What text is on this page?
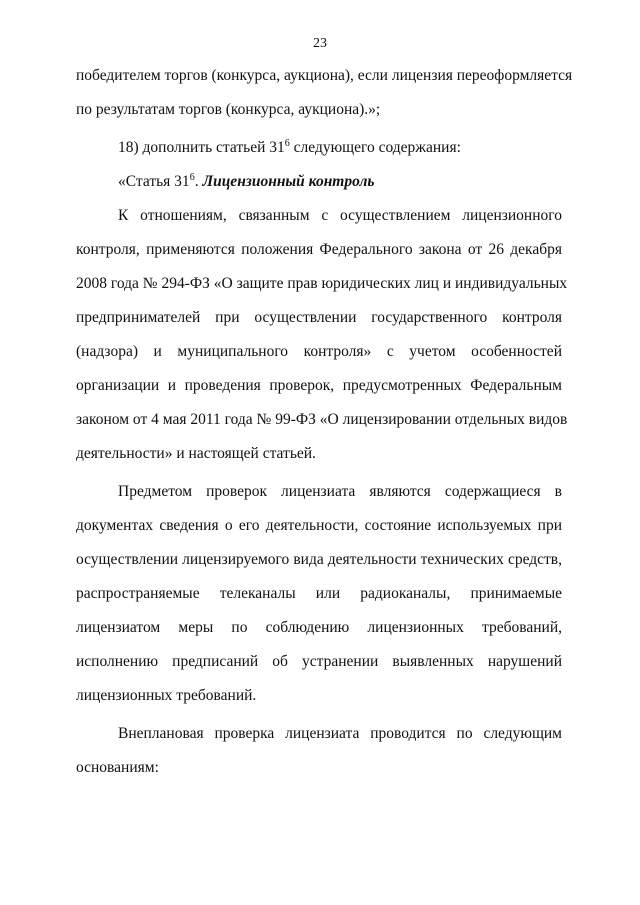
23
победителем торгов (конкурса, аукциона), если лицензия переоформляется
по результатам торгов (конкурса, аукциона).»;
18) дополнить статьей $31^6$ следующего содержания:
«Статья $31^6$. Лицензионный контроль
К отношениям, связанным с осуществлением лицензионного
контроля, применяются положения Федерального закона от 26 декабря
2008 года № 294-ФЗ «О защите прав юридических лиц и индивидуальных
предпринимателей при осуществлении государственного контроля
(надзора) и муниципального контроля» с учетом особенностей
организации и проведения проверок, предусмотренных Федеральным
законом от 4 мая 2011 года № 99-ФЗ «О лицензировании отдельных видов
деятельности» и настоящей статьей.
Предметом проверок лицензиата являются содержащиеся в
документах сведения о его деятельности, состояние используемых при
осуществлении лицензируемого вида деятельности технических средств,
распространяемые телеканалы или радиоканалы, принимаемые
лицензиатом меры по соблюдению лицензионных требований,
исполнению предписаний об устранении выявленных нарушений
лицензионных требований.
Внеплановая проверка лицензиата проводится по следующим
основаниям:
